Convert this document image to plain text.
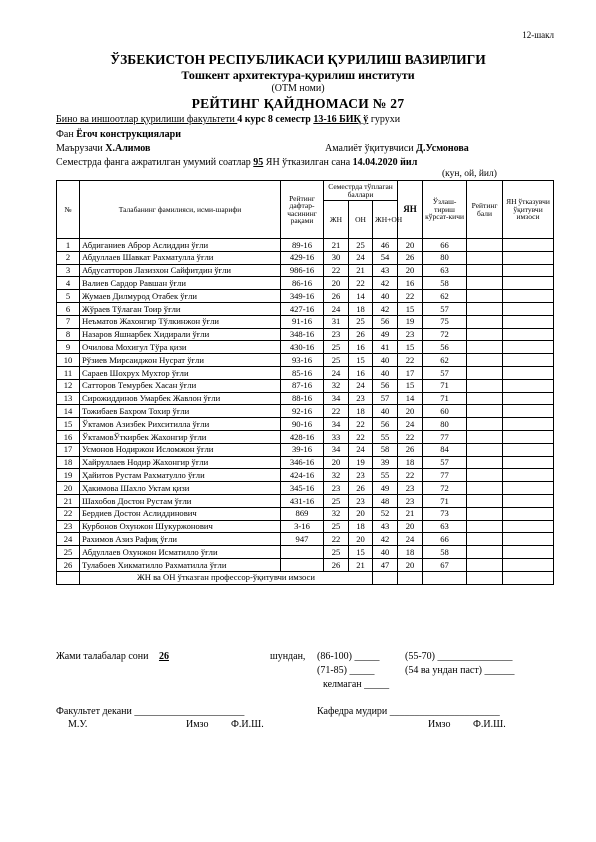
12-шакл
ЎЗБЕКИСТОН РЕСПУБЛИКАСИ ҚУРИЛИШ ВАЗИРЛИГИ
Тошкент архитектура-қурилиш институти
(ОТМ номи)
РЕЙТИНГ ҚАЙДНОМАСИ № 27
Бино ва иншоотлар қурилиши факультети 4 курс 8 семестр 13-16 БИҚ ў гурухи
Фан Ёгоч конструкциялари
Маърузачи Х.Алимов	Амалиёт ўқитувчиси Д.Усмонова
Семестрда фанга ажратилган умумий соатлар 95 ЯН ўтказилган сана 14.04.2020 йил
(кун, ой, йил)
№	Талабанинг фамилияси, исми-шарифи	Рейтинг дафтар-часининг рақами	Семестрда тўплаган баллари			ЯН	Ўзлаш-тириш кўрсат-кичи	Рейтинг бали	ЯН ўтказувчи ўқитувчи имзоси
			ЖН	ОН	ЖН+ОН				
1	Абдиганиев Аброр Аслиддин ўғли	89-16	21	25	46	20	66		
2	Абдуллаев Шавкат Рахматулла ўғли	429-16	30	24	54	26	80		
3	Абдусатторов Лазизхон Сайфитдин ўғли	986-16	22	21	43	20	63		
4	Валиев Сардор Равшан ўғли	86-16	20	22	42	16	58		
5	Жумаев Дилмурод Отабек ўғли	349-16	26	14	40	22	62		
6	Жўраев Тўлаган Тоир ўғли	427-16	24	18	42	15	57		
7	Неъматов Жахонгир Тўлкинжон ўғли	91-16	31	25	56	19	75		
8	Назаров Яшнарбек Хидирали ўғли	348-16	23	26	49	23	72		
9	Очилова Мохигул Тўра қизи	430-16	25	16	41	15	56		
10	Рўзиев Мирсаиджон Нусрат ўғли	93-16	25	15	40	22	62		
11	Сараев Шохрух Мухтор ўғли	85-16	24	16	40	17	57		
12	Сатторов Темурбек Хасан ўғли	87-16	32	24	56	15	71		
13	Сирожиддинов Умарбек Жавлон ўғли	88-16	34	23	57	14	71		
14	Тожибаев Бахром Тохир ўғли	92-16	22	18	40	20	60		
15	Ўктамов Азизбек Рихситилла ўғли	90-16	34	22	56	24	80		
16	ЎктамовЎткирбек Жахонгир ўғли	428-16	33	22	55	22	77		
17	Усмонов Нодиржон Исломжон ўғли	39-16	34	24	58	26	84		
18	Хайруллаев Нодир Жахонгир ўғли	346-16	20	19	39	18	57		
19	Ҳайитов Рустам Рахматулло ўғли	424-16	32	23	55	22	77		
20	Ҳакимова Шахло Уктам қизи	345-16	23	26	49	23	72		
21	Шахобов Достон Рустам ўғли	431-16	25	23	48	23	71		
22	Бердиев Достон Аслиддинович	869	32	20	52	21	73		
23	Курбонов Охунжон Шукуржонович	3-16	25	18	43	20	63		
24	Рахимов Азиз Рафиқ ўғли	947	22	20	42	24	66		
25	Абдуллаев Охунжон Исматилло ўғли		25	15	40	18	58		
26	Тулабоев Хикматилло Рахматилла ўғли		26	21	47	20	67		
	ЖН ва ОН ўтказган профессор-ўқитувчи имзоси								
Жами талабалар сони 26	шундан, (86-100) _____	(55-70) _______________
(71-85) _____	(54 ва ундан паст) ______
келмаган _____
Факультет декани ______________________	Кафедра мудири ______________________
М.У.	Имзо Ф.И.Ш.	Имзо Ф.И.Ш.
